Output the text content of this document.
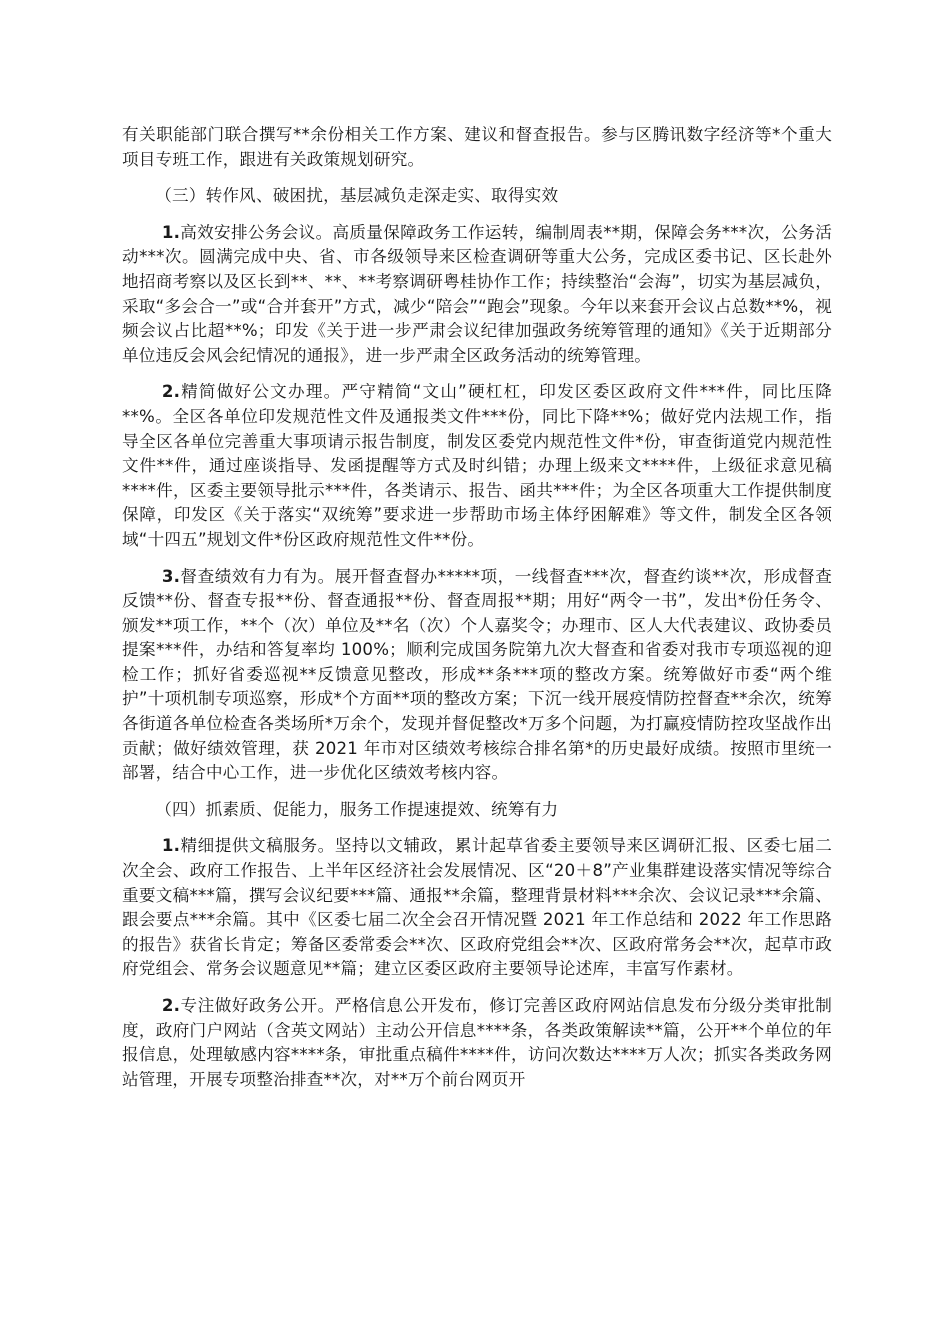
有关职能部门联合撰写**余份相关工作方案、建议和督查报告。参与区腾讯数字经济等*个重大项目专班工作，跟进有关政策规划研究。

（三）转作风、破困扰，基层减负走深走实、取得实效

1.高效安排公务会议。高质量保障政务工作运转，编制周表**期，保障会务***次，公务活动***次。圆满完成中央、省、市各级领导来区检查调研等重大公务，完成区委书记、区长赴外地招商考察以及区长到**、**、**考察调研粤桂协作工作；持续整治“会海”，切实为基层减负，采取“多会合一”或“合并套开”方式，减少“陪会”“跑会”现象。今年以来套开会议占总数**%，视频会议占比超**%；印发《关于进一步严肃会议纪律加强政务统筹管理的通知》《关于近期部分单位违反会风会纪情况的通报》，进一步严肃全区政务活动的统筹管理。

2.精简做好公文办理。严守精简“文山”硬杠杠，印发区委区政府文件***件，同比压降**%。全区各单位印发规范性文件及通报类文件***份，同比下降**%；做好党内法规工作，指导全区各单位完善重大事项请示报告制度，制发区委党内规范性文件*份，审查街道党内规范性文件**件，通过座谈指导、发函提醒等方式及时纠错；办理上级来文****件，上级征求意见稿****件，区委主要领导批示***件，各类请示、报告、函共***件；为全区各项重大工作提供制度保障，印发区《关于落实“双统筹”要求进一步帮助市场主体纾困解难》等文件，制发全区各领域“十四五”规划文件*份区政府规范性文件**份。

3.督查绩效有力有为。展开督查督办*****项，一线督查***次，督查约谈**次，形成督查反馈**份、督查专报**份、督查通报**份、督查周报**期；用好“两令一书”，发出*份任务令、颁发**项工作，**个（次）单位及**名（次）个人嘉奖令；办理市、区人大代表建议、政协委员提案***件，办结和答复率均 100%；顺利完成国务院第九次大督查和省委对我市专项巡视的迎检工作；抓好省委巡视**反馈意见整改，形成**条***项的整改方案。统筹做好市委“两个维护”十项机制专项巡察，形成*个方面**项的整改方案；下沉一线开展疫情防控督查**余次，统筹各街道各单位检查各类场所*万余个，发现并督促整改*万多个问题，为打赢疫情防控攻坚战作出贡献；做好绩效管理，获 2021 年市对区绩效考核综合排名第*的历史最好成绩。按照市里统一部署，结合中心工作，进一步优化区绩效考核内容。

（四）抓素质、促能力，服务工作提速提效、统筹有力

1.精细提供文稿服务。坚持以文辅政，累计起草省委主要领导来区调研汇报、区委七届二次全会、政府工作报告、上半年区经济社会发展情况、区“20＋8”产业集群建设落实情况等综合重要文稿***篇，撰写会议纪要***篇、通报**余篇，整理背景材料***余次、会议记录***余篇、跟会要点***余篇。其中《区委七届二次全会召开情况暨 2021 年工作总结和 2022 年工作思路的报告》获省长肯定；筹备区委常委会**次、区政府党组会**次、区政府常务会**次，起草市政府党组会、常务会议题意见**篇；建立区委区政府主要领导论述库，丰富写作素材。

2.专注做好政务公开。严格信息公开发布，修订完善区政府网站信息发布分级分类审批制度，政府门户网站（含英文网站）主动公开信息****条，各类政策解读**篇，公开**个单位的年报信息，处理敏感内容****条，审批重点稿件****件，访问次数达****万人次；抓实各类政务网站管理，开展专项整治排查**次，对**万个前台网页开
